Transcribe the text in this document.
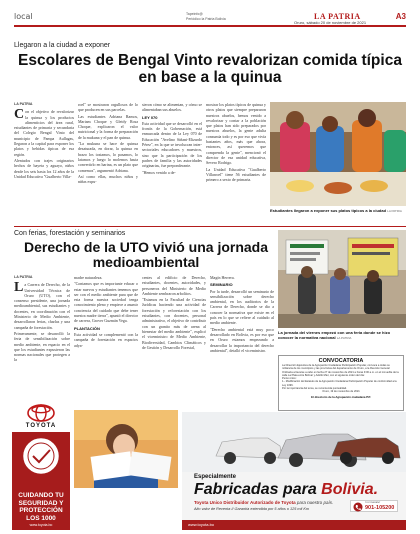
local	Tapeinfo@
Periódico la Patria Bolivia	LA PATRIA
Oruro, sábado 20 de noviembre de 2021
A3
Llegaron a la ciudad a exponer
Escolares de Bengal Vinto revalorizan comida típica en base a la quinua
LA PATRIA

Con el objetivo de revalorizar la quinua y los productos alimenticios del área rural, estudiantes de primaria y secundaria del Colegio Bengal Vinto del municipio de Pampa Aullagas, llegaron a la capital para exponer los platos y bebidas típicas de esa región.

Alentados con trajes originarios hechos de bayeta y aguayo, niños desde los seis hasta los 12 años de la Unidad Educativa "Gualberto Villa-

roel" se mostraron orgullosos de lo que producen en sus parcelas.

Las estudiantes Adriana Ramos, Mariam Choque y Gleidy Rosa Choque, explicaron el valor nutricional y la forma de preparación de la mukuna y el pan de quinua.

"La mukuna se hace de quinua desaturada, en dorar, la quinua en brazo los tostamos, lo pasamos, lo latamos y luego lo molemos hasta convertirlo en harina, es un plato que comemos", argumentó Adriana.

Así como ellas, muchos niños y niñas expu-

sieron cómo se alimentan, y cómo se alimentaban sus abuelos.

LEY 070

Esta actividad que se desarrolló en el frontis de la Gobernación, está enmarcada dentro de la Ley 070 de Educación "Avelino Siñani-Elizardo Pérez", en la que se involucran inter-sectoriales educadores y maestros, sino que la participación de los padres de familia y las autoridades originarias, fue preponderante.

"Hemos venido a de-

mostrar los platos típicos de quinua y otros platos que siempre prepararon nuestros abuelos, hemos venido a revalorizar y contar a la población que platos han sido preparados por nuestros abuelos, la gente adulta consumía todo y es por eso que vivía bastantes años, más que ahora, entonces, así queremos que comprenda la gente", mencionó el director de esa unidad educativa, Severo Rodrigo.

La Unidad Educativa "Gualberto Villarroel" tiene 56 estudiantes de primero a sexto de primaria.

Estudiantes llegaron a exponer sus platos típicos a la ciudad LA PATRIA
Con ferias, forestación y seminarios
Derecho de la UTO vivió una jornada medioambiental
LA PATRIA

La Carrera de Derecho, de la Universidad Técnica de Oruro (UTO), con el consenso presidente, una jornada medioambiental, sus estudiantes y docentes, en coordinación con el Ministerio de Medio Ambiente, desarrollaron ferias, charlas y una campaña de forestación.

Primeramente, se desarrolló la feria de sensibilización sobre medio ambiente, en espacio en el que los estudiantes expusieron las normas nacionales que protegen a la

madre naturaleza.

"Contamos que es importante educar o estar nuevos y estudiantes tenemos que ser con el medio ambiente para que de esta forma nuestra sociedad tenga conocimiento pleno y empiece a asumir conciencia del cuidado que debe tener nuestra madre tierra", apuntó el director de carrera, Grover Guzmán Vega.

PLANTACIÓN

Esta actividad se complementó con la campaña de forestación en espacios adya-

centes al edificio de Derecho, estudiantes, docentes, autoridades, y personeros del Ministerio de Medio Ambiente sembraron arbolitos.

"Estamos en la Facultad de Ciencias Jurídicas haciendo una actividad de forestación y reforestación con los estudiantes, con docentes, personal administrativo, el objetivo de contribuir con un granito más de arena al bienestar del medio ambiente", explicó el viceministro de Medio Ambiente, Biodiversidad, Cambios Climáticos y de Gestión y Desarrollo Forestal,

Magín Herrera.

SEMINARIO

Por la tarde, desarrolló un seminario de sensibilización sobre derecho ambiental, en los auditorios de la Carrera de Derecho, donde se dio a conocer la normativa que existe en el país en lo que se refiere al cuidado al medio ambiente.

"Derecho ambiental está muy poco desarrollado en Bolivia, es por eso que en Oruro estamos empezando a desarrollar la importancia del derecho ambiental", detalló el viceministro.

La jornada del viernes empezó con una feria donde se hizo conocer la normativa nacional LA PATRIA
CONVOCATORIA
La Dirección Ejecutiva de la Agrupación Ciudadana Participación Popular, convoca a todas su militancia de los municipios y las provincias del departamento de Oruro, a la Reunión General Ordinaria a llevarse a cabo en fecha 27 de noviembre de 2021 a horas 9:00 a.m. en el inmueble de la calle La Plata entre Bolívar y Adolfo Mier, con el siguiente orden del día:
Punto único:
1.- Modificación del Estatuto de la Agrupación Ciudadana Participación Popular de conformidad a la Ley 1096.
Por la importancia del tema, se recomienda puntualidad.
Oruro, 19 de noviembre de 2021
El directorio de la Agrupación ciudadana P.P.
TOYOTA
CUIDANDO TU SEGURIDAD Y PROTECCIÓN LOS 1000
www.toyota.bo
Especialmente
Fabricadas para Bolivia.
Toyota Unico Distribuidor Autorizado de Toyota para nuestro país.
Alto valor de Reventa // Garantía extendida por 5 años o 125 mil Km
TOYOTA RENT
901-105200
www.toyota.bo
